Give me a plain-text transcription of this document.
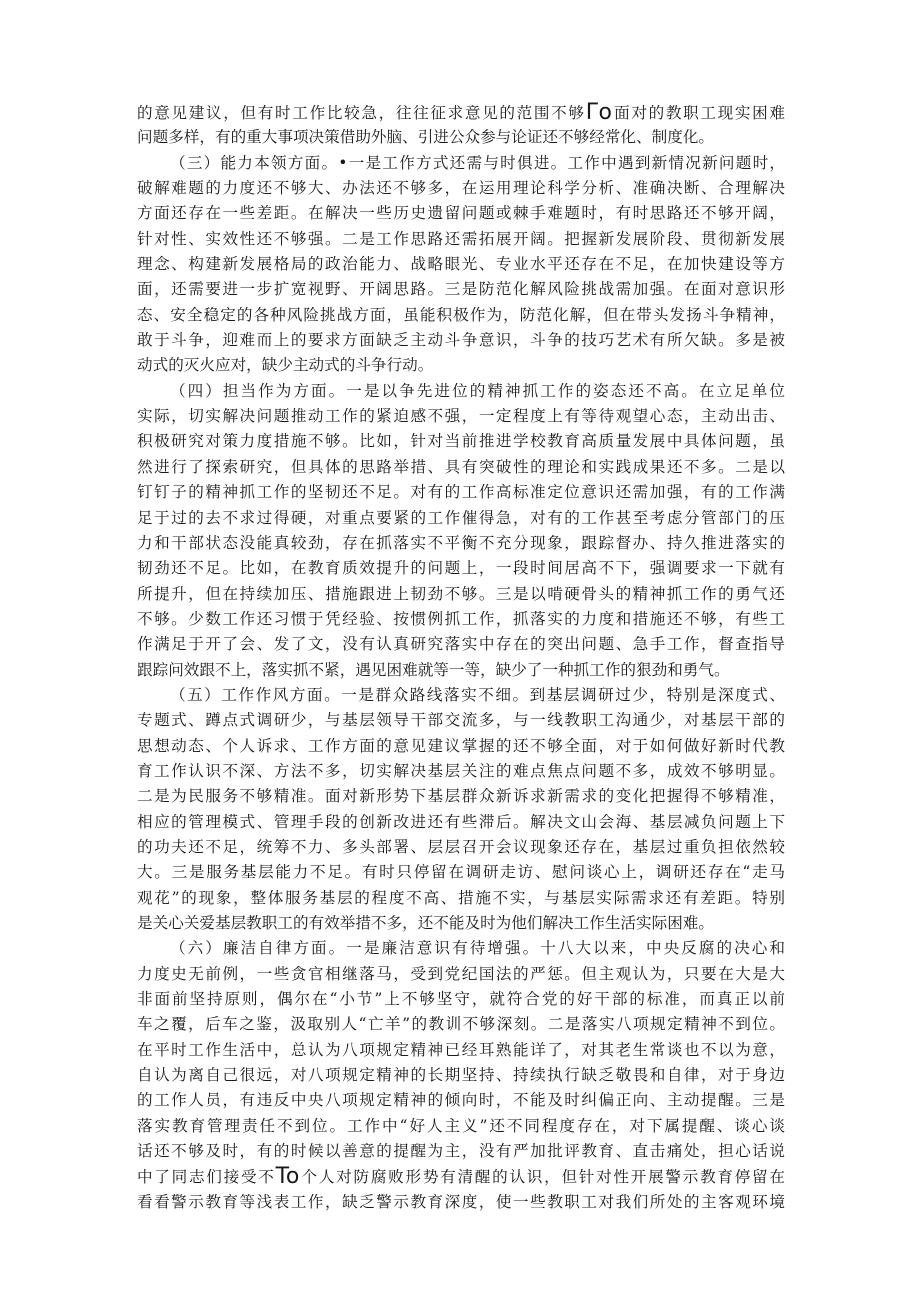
的意见建议，但有时工作比较急，往往征求意见的范围不够Γo面对的教职工现实困难
问题多样，有的重大事项决策借助外脑、引进公众参与论证还不够经常化、制度化。
（三）能力本领方面。•一是工作方式还需与时俱进。工作中遇到新情况新问题时，
破解难题的力度还不够大、办法还不够多，在运用理论科学分析、准确决断、合理解决
方面还存在一些差距。在解决一些历史遗留问题或棘手难题时，有时思路还不够开阔，
针对性、实效性还不够强。二是工作思路还需拓展开阔。把握新发展阶段、贯彻新发展
理念、构建新发展格局的政治能力、战略眼光、专业水平还存在不足，在加快建设等方
面，还需要进一步扩宽视野、开阔思路。三是防范化解风险挑战需加强。在面对意识形
态、安全稳定的各种风险挑战方面，虽能积极作为，防范化解，但在带头发扬斗争精神，
敢于斗争，迎难而上的要求方面缺乏主动斗争意识，斗争的技巧艺术有所欠缺。多是被
动式的灭火应对，缺少主动式的斗争行动。
（四）担当作为方面。一是以争先进位的精神抓工作的姿态还不高。在立足单位
实际，切实解决问题推动工作的紧迫感不强，一定程度上有等待观望心态，主动出击、
积极研究对策力度措施不够。比如，针对当前推进学校教育高质量发展中具体问题，虽
然进行了探索研究，但具体的思路举措、具有突破性的理论和实践成果还不多。二是以
钉钉子的精神抓工作的坚韧还不足。对有的工作高标准定位意识还需加强，有的工作满
足于过的去不求过得硬，对重点要紧的工作催得急，对有的工作甚至考虑分管部门的压
力和干部状态没能真较劲，存在抓落实不平衡不充分现象，跟踪督办、持久推进落实的
韧劲还不足。比如，在教育质效提升的问题上，一段时间居高不下，强调要求一下就有
所提升，但在持续加压、措施跟进上韧劲不够。三是以啃硬骨头的精神抓工作的勇气还
不够。少数工作还习惯于凭经验、按惯例抓工作，抓落实的力度和措施还不够，有些工
作满足于开了会、发了文，没有认真研究落实中存在的突出问题、急手工作，督查指导
跟踪问效跟不上，落实抓不紧，遇见困难就等一等，缺少了一种抓工作的狠劲和勇气。
（五）工作作风方面。一是群众路线落实不细。到基层调研过少，特别是深度式、
专题式、蹲点式调研少，与基层领导干部交流多，与一线教职工沟通少，对基层干部的
思想动态、个人诉求、工作方面的意见建议掌握的还不够全面，对于如何做好新时代教
育工作认识不深、方法不多，切实解决基层关注的难点焦点问题不多，成效不够明显。
二是为民服务不够精准。面对新形势下基层群众新诉求新需求的变化把握得不够精准，
相应的管理模式、管理手段的创新改进还有些滞后。解决文山会海、基层减负问题上下
的功夫还不足，统筹不力、多头部署、层层召开会议现象还存在，基层过重负担依然较
大。三是服务基层能力不足。有时只停留在调研走访、慰问谈心上，调研还存在“走马
观花”的现象，整体服务基层的程度不高、措施不实，与基层实际需求还有差距。特别
是关心关爱基层教职工的有效举措不多，还不能及时为他们解决工作生活实际困难。
（六）廉洁自律方面。一是廉洁意识有待增强。十八大以来，中央反腐的决心和
力度史无前例，一些贪官相继落马，受到党纪国法的严惩。但主观认为，只要在大是大
非面前坚持原则，偶尔在“小节”上不够坚守，就符合党的好干部的标准，而真正以前
车之覆，后车之鉴，汲取别人“亡羊”的教训不够深刻。二是落实八项规定精神不到位。
在平时工作生活中，总认为八项规定精神已经耳熟能详了，对其老生常谈也不以为意，
自认为离自己很远，对八项规定精神的长期坚持、持续执行缺乏敬畏和自律，对于身边
的工作人员，有违反中央八项规定精神的倾向时，不能及时纠偏正向、主动提醒。三是
落实教育管理责任不到位。工作中“好人主义”还不同程度存在，对下属提醒、谈心谈
话还不够及时，有的时候以善意的提醒为主，没有严加批评教育、直击痛处，担心话说
中了同志们接受不To个人对防腐败形势有清醒的认识，但针对性开展警示教育停留在
看看警示教育等浅表工作，缺乏警示教育深度，使一些教职工对我们所处的主客观环境
